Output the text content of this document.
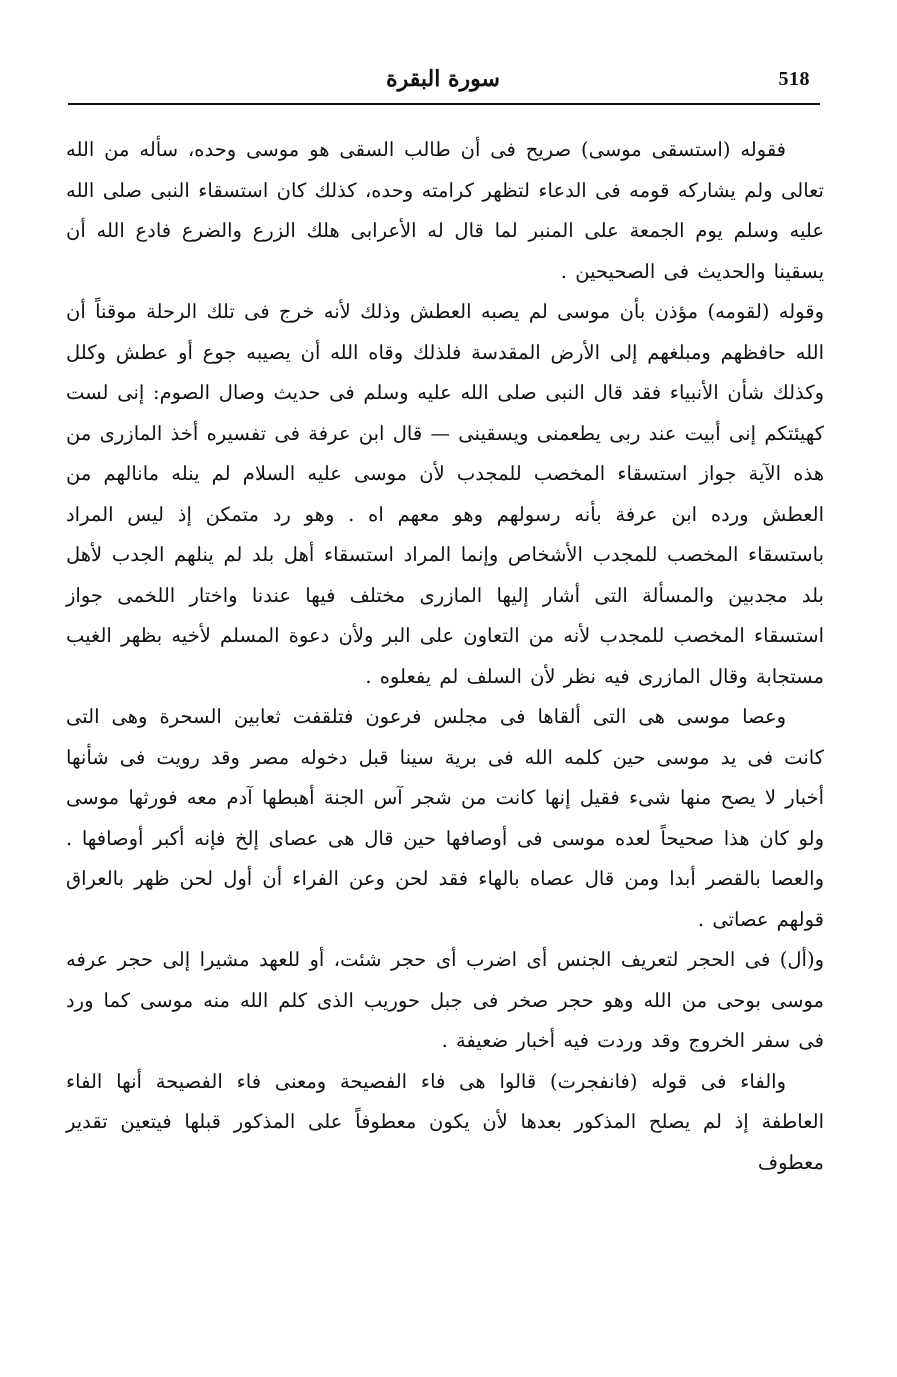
518
سورة البقرة

فقوله (استسقى موسى) صريح فى أن طالب السقى هو موسى وحده، سأله من الله تعالى ولم يشاركه قومه فى الدعاء لتظهر كرامته وحده، كذلك كان استسقاء النبى صلى الله عليه وسلم يوم الجمعة على المنبر لما قال له الأعرابى هلك الزرع والضرع فادع الله أن يسقينا والحديث فى الصحيحين .

وقوله (لقومه) مؤذن بأن موسى لم يصبه العطش وذلك لأنه خرج فى تلك الرحلة موقناً أن الله حافظهم ومبلغهم إلى الأرض المقدسة فلذلك وقاه الله أن يصيبه جوع أو عطش وكلل وكذلك شأن الأنبياء فقد قال النبى صلى الله عليه وسلم فى حديث وصال الصوم: إنى لست كهيئتكم إنى أبيت عند ربى يطعمنى ويسقينى — قال ابن عرفة فى تفسيره أخذ المازرى من هذه الآية جواز استسقاء المخصب للمجدب لأن موسى عليه السلام لم ينله مانالهم من العطش ورده ابن عرفة بأنه رسولهم وهو معهم اه . وهو رد متمكن إذ ليس المراد باستسقاء المخصب للمجدب الأشخاص وإنما المراد استسقاء أهل بلد لم ينلهم الجدب لأهل بلد مجدبين والمسألة التى أشار إليها المازرى مختلف فيها عندنا واختار اللخمى جواز استسقاء المخصب للمجدب لأنه من التعاون على البر ولأن دعوة المسلم لأخيه بظهر الغيب مستجابة وقال المازرى فيه نظر لأن السلف لم يفعلوه .

وعصا موسى هى التى ألقاها فى مجلس فرعون فتلقفت ثعابين السحرة وهى التى كانت فى يد موسى حين كلمه الله فى برية سينا قبل دخوله مصر وقد رويت فى شأنها أخبار لا يصح منها شىء فقيل إنها كانت من شجر آس الجنة أهبطها آدم معه فورثها موسى ولو كان هذا صحيحاً لعده موسى فى أوصافها حين قال هى عصاى إلخ فإنه أكبر أوصافها . والعصا بالقصر أبدا ومن قال عصاه بالهاء فقد لحن وعن الفراء أن أول لحن ظهر بالعراق قولهم عصاتى .

و(أل) فى الحجر لتعريف الجنس أى اضرب أى حجر شئت، أو للعهد مشيرا إلى حجر عرفه موسى بوحى من الله وهو حجر صخر فى جبل حوريب الذى كلم الله منه موسى كما ورد فى سفر الخروج وقد وردت فيه أخبار ضعيفة .

والفاء فى قوله (فانفجرت) قالوا هى فاء الفصيحة ومعنى فاء الفصيحة أنها الفاء العاطفة إذ لم يصلح المذكور بعدها لأن يكون معطوفاً على المذكور قبلها فيتعين تقدير معطوف
